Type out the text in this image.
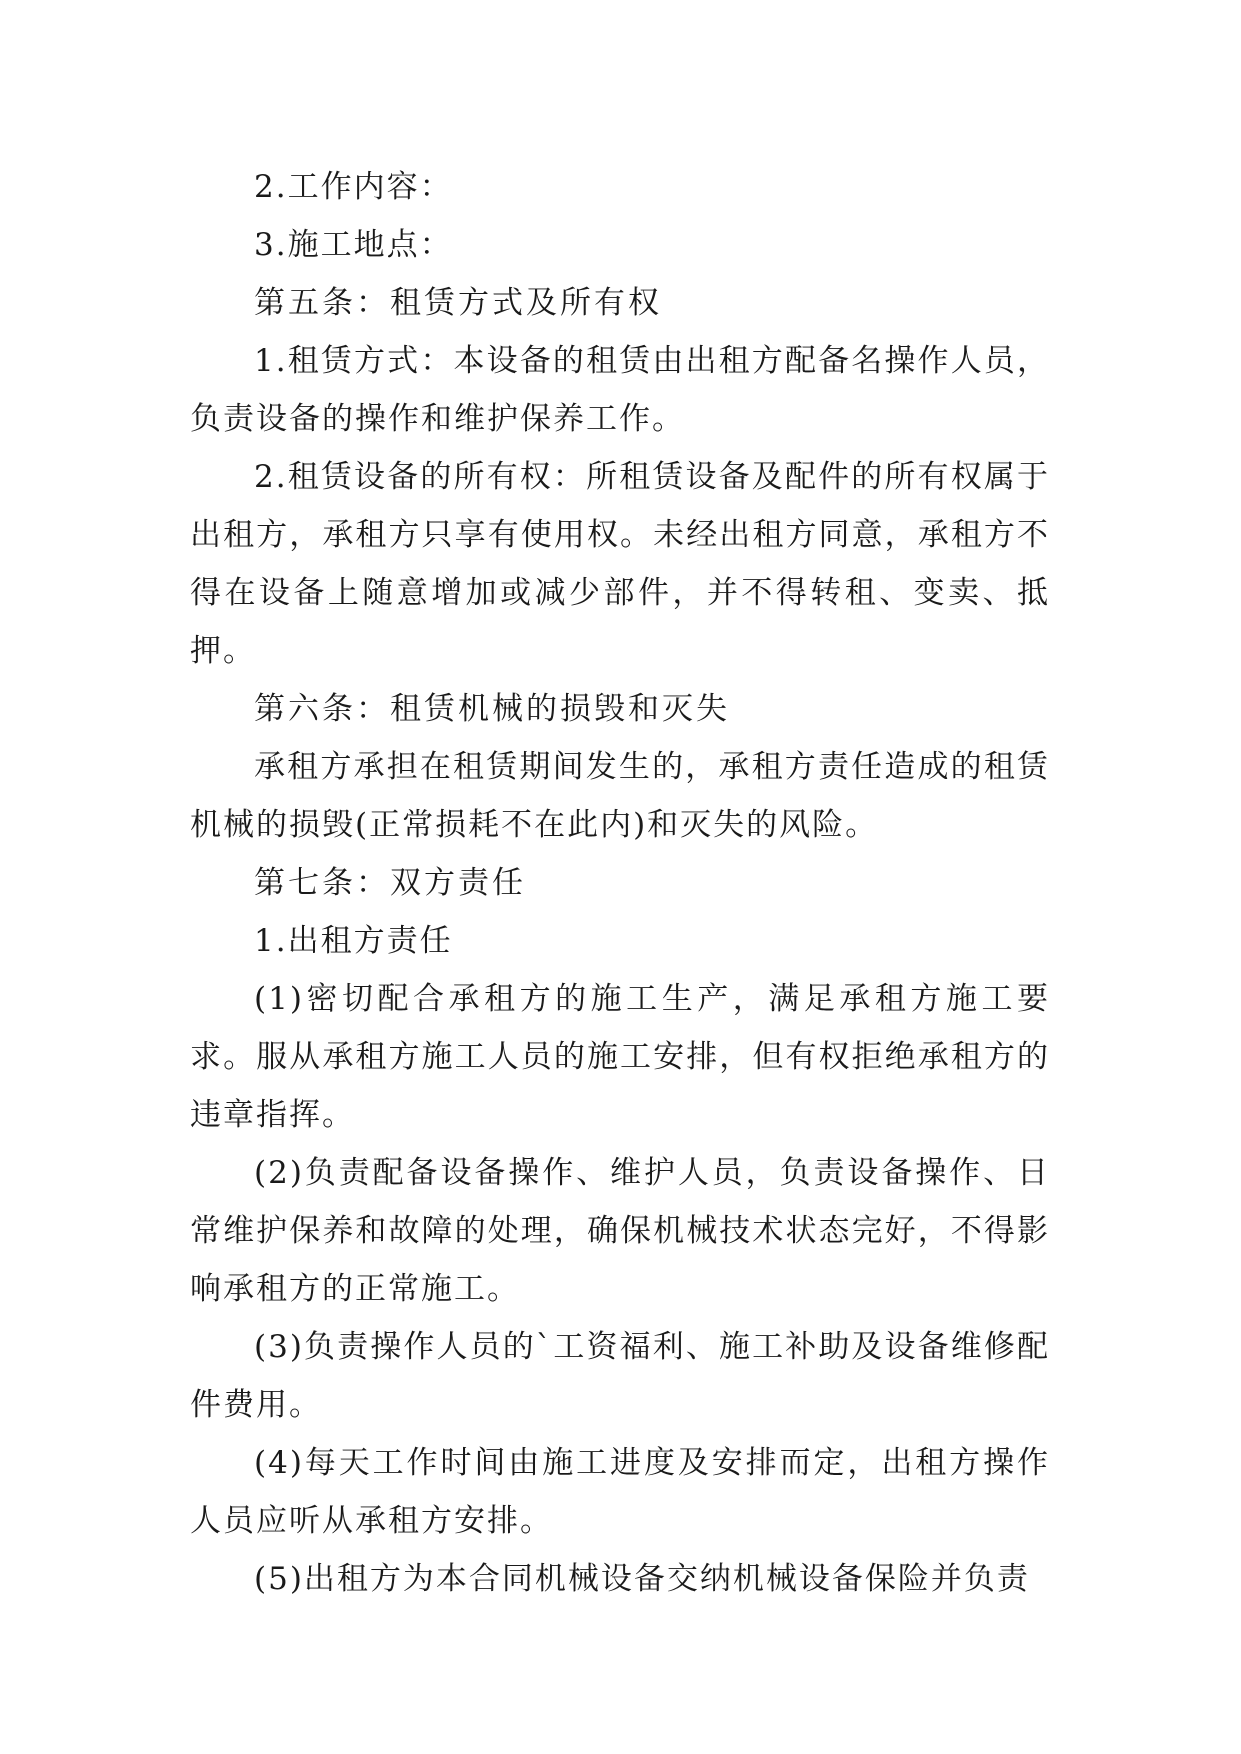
2.工作内容：

3.施工地点：

第五条：租赁方式及所有权

1.租赁方式：本设备的租赁由出租方配备名操作人员，负责设备的操作和维护保养工作。

2.租赁设备的所有权：所租赁设备及配件的所有权属于出租方，承租方只享有使用权。未经出租方同意，承租方不得在设备上随意增加或减少部件，并不得转租、变卖、抵押。

第六条：租赁机械的损毁和灭失

承租方承担在租赁期间发生的，承租方责任造成的租赁机械的损毁(正常损耗不在此内)和灭失的风险。

第七条：双方责任

1.出租方责任

(1)密切配合承租方的施工生产，满足承租方施工要求。服从承租方施工人员的施工安排，但有权拒绝承租方的违章指挥。

(2)负责配备设备操作、维护人员，负责设备操作、日常维护保养和故障的处理，确保机械技术状态完好，不得影响承租方的正常施工。

(3)负责操作人员的`工资福利、施工补助及设备维修配件费用。

(4)每天工作时间由施工进度及安排而定，出租方操作人员应听从承租方安排。

(5)出租方为本合同机械设备交纳机械设备保险并负责
